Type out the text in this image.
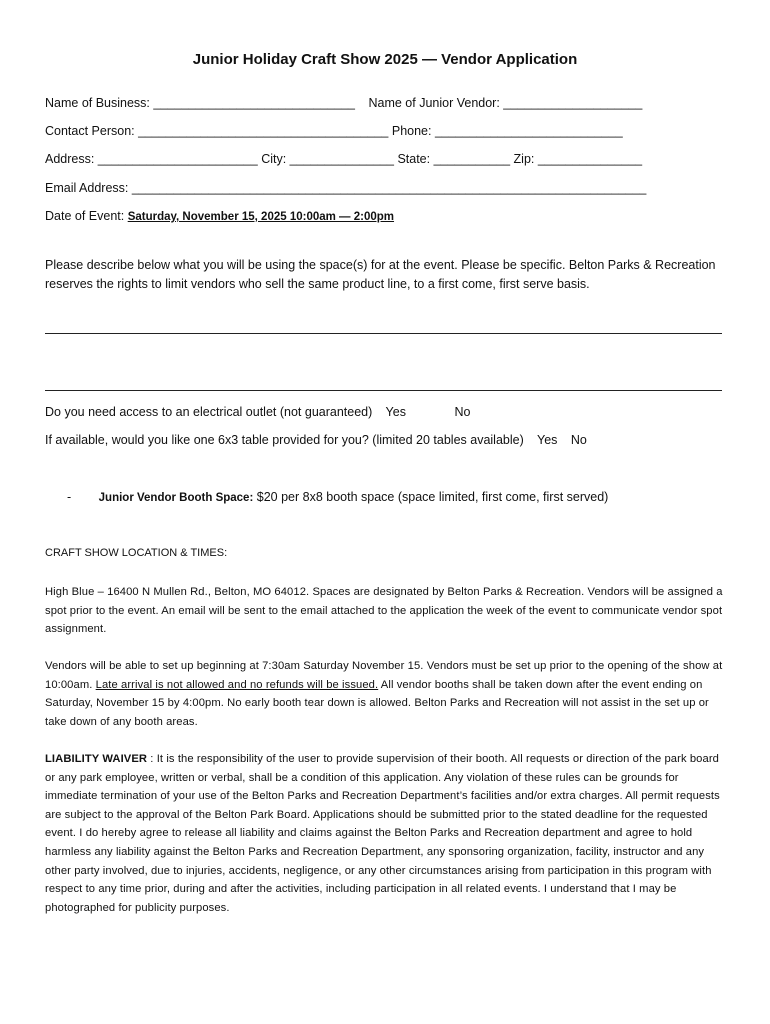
Junior Holiday Craft Show 2025 — Vendor Application
Name of Business: _____________________________ Name of Junior Vendor: ____________________
Contact Person: ____________________________________ Phone: ___________________________
Address: _______________________ City: _______________ State: ___________ Zip: _______________
Email Address: __________________________________________________________________________
Date of Event: Saturday, November 15, 2025 10:00am — 2:00pm
Please describe below what you will be using the space(s) for at the event. Please be specific. Belton Parks & Recreation reserves the rights to limit vendors who sell the same product line, to a first come, first serve basis.
Do you need access to an electrical outlet (not guaranteed) Yes	No
If available, would you like one 6x3 table provided for you? (limited 20 tables available) Yes No
- Junior Vendor Booth Space: $20 per 8x8 booth space (space limited, first come, first served)
CRAFT SHOW LOCATION & TIMES:
High Blue – 16400 N Mullen Rd., Belton, MO 64012. Spaces are designated by Belton Parks & Recreation. Vendors will be assigned a spot prior to the event. An email will be sent to the email attached to the application the week of the event to communicate vendor spot assignment.
Vendors will be able to set up beginning at 7:30am Saturday November 15. Vendors must be set up prior to the opening of the show at 10:00am. Late arrival is not allowed and no refunds will be issued. All vendor booths shall be taken down after the event ending on Saturday, November 15 by 4:00pm. No early booth tear down is allowed. Belton Parks and Recreation will not assist in the set up or take down of any booth areas.
LIABILITY WAIVER : It is the responsibility of the user to provide supervision of their booth. All requests or direction of the park board or any park employee, written or verbal, shall be a condition of this application. Any violation of these rules can be grounds for immediate termination of your use of the Belton Parks and Recreation Department’s facilities and/or extra charges. All permit requests are subject to the approval of the Belton Park Board. Applications should be submitted prior to the stated deadline for the requested event. I do hereby agree to release all liability and claims against the Belton Parks and Recreation department and agree to hold harmless any liability against the Belton Parks and Recreation Department, any sponsoring organization, facility, instructor and any other party involved, due to injuries, accidents, negligence, or any other circumstances arising from participation in this program with respect to any time prior, during and after the activities, including participation in all related events. I understand that I may be photographed for publicity purposes.
